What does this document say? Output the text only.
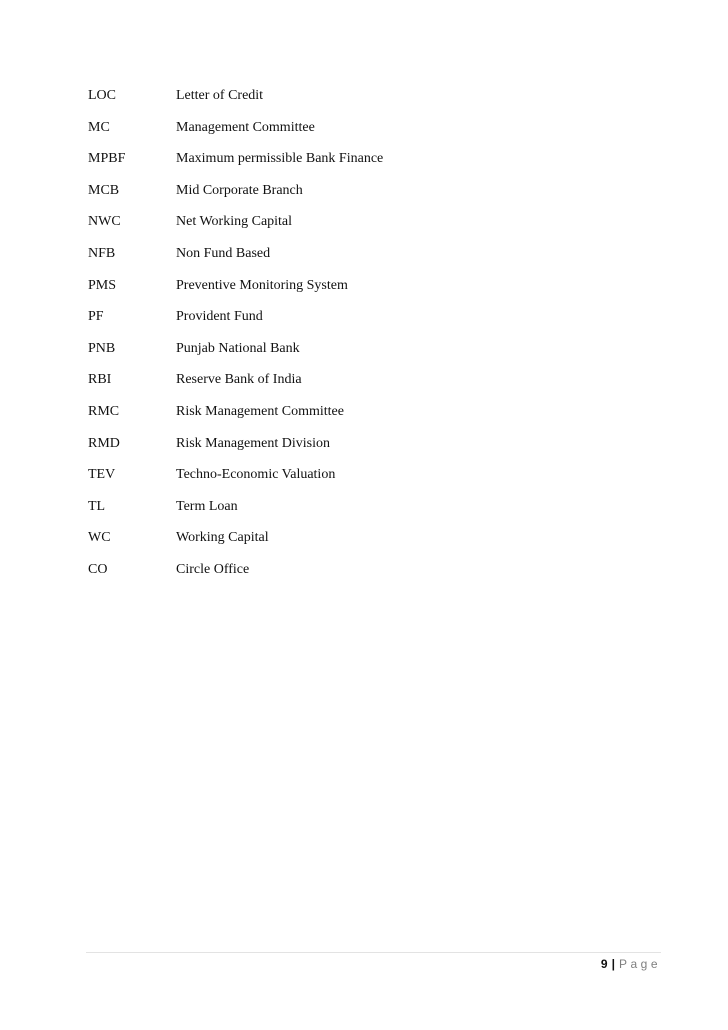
LOC	Letter of Credit
MC	Management Committee
MPBF	Maximum permissible Bank Finance
MCB	Mid Corporate Branch
NWC	Net Working Capital
NFB	Non Fund Based
PMS	Preventive Monitoring System
PF	Provident Fund
PNB	Punjab National Bank
RBI	Reserve Bank of India
RMC	Risk Management Committee
RMD	Risk Management Division
TEV	Techno-Economic Valuation
TL	Term Loan
WC	Working Capital
CO	Circle Office
9 | Page
